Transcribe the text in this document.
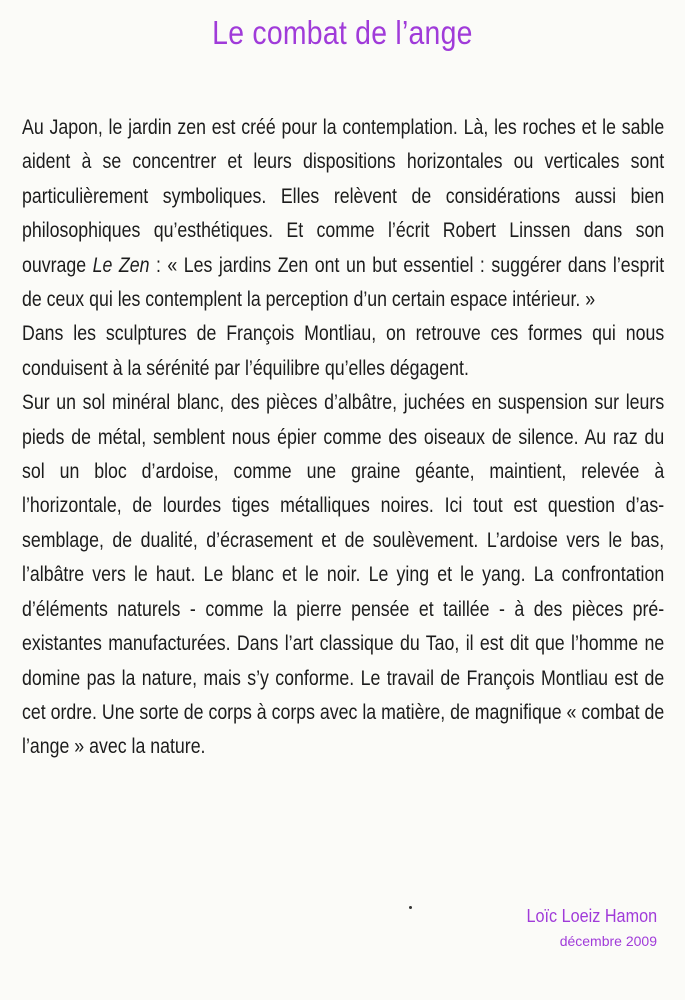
Le combat de l’ange

Au Japon, le jardin zen est créé pour la contemplation. Là, les roches et le sable aident à se concentrer et leurs dispositions horizontales ou verticales sont particulièrement symboliques. Elles relèvent de considérations aussi bien philosophiques qu’esthétiques. Et comme l’écrit Robert Linssen dans son ouvrage Le Zen : « Les jardins Zen ont un but essentiel : suggérer dans l’esprit de ceux qui les contemplent la perception d’un certain espace intérieur. »

Dans les sculptures de François Montliau, on retrouve ces formes qui nous conduisent à la sérénité par l’équilibre qu’elles dégagent.

Sur un sol minéral blanc, des pièces d’albâtre, juchées en suspension sur leurs pieds de métal, semblent nous épier comme des oiseaux de silence. Au raz du sol un bloc d’ardoise, comme une graine géante, maintient, relevée à l’horizontale, de lourdes tiges métalliques noires. Ici tout est question d’assemblage, de dualité, d’écrasement et de soulèvement. L’ardoise vers le bas, l’albâtre vers le haut. Le blanc et le noir. Le ying et le yang. La confrontation d’éléments naturels - comme la pierre pensée et taillée - à des pièces préexistantes manufacturées. Dans l’art classique du Tao, il est dit que l’homme ne domine pas la nature, mais s’y conforme. Le travail de François Montliau est de cet ordre. Une sorte de corps à corps avec la matière, de magnifique « combat de l’ange » avec la nature.

Loïc Loeiz Hamon
décembre 2009
